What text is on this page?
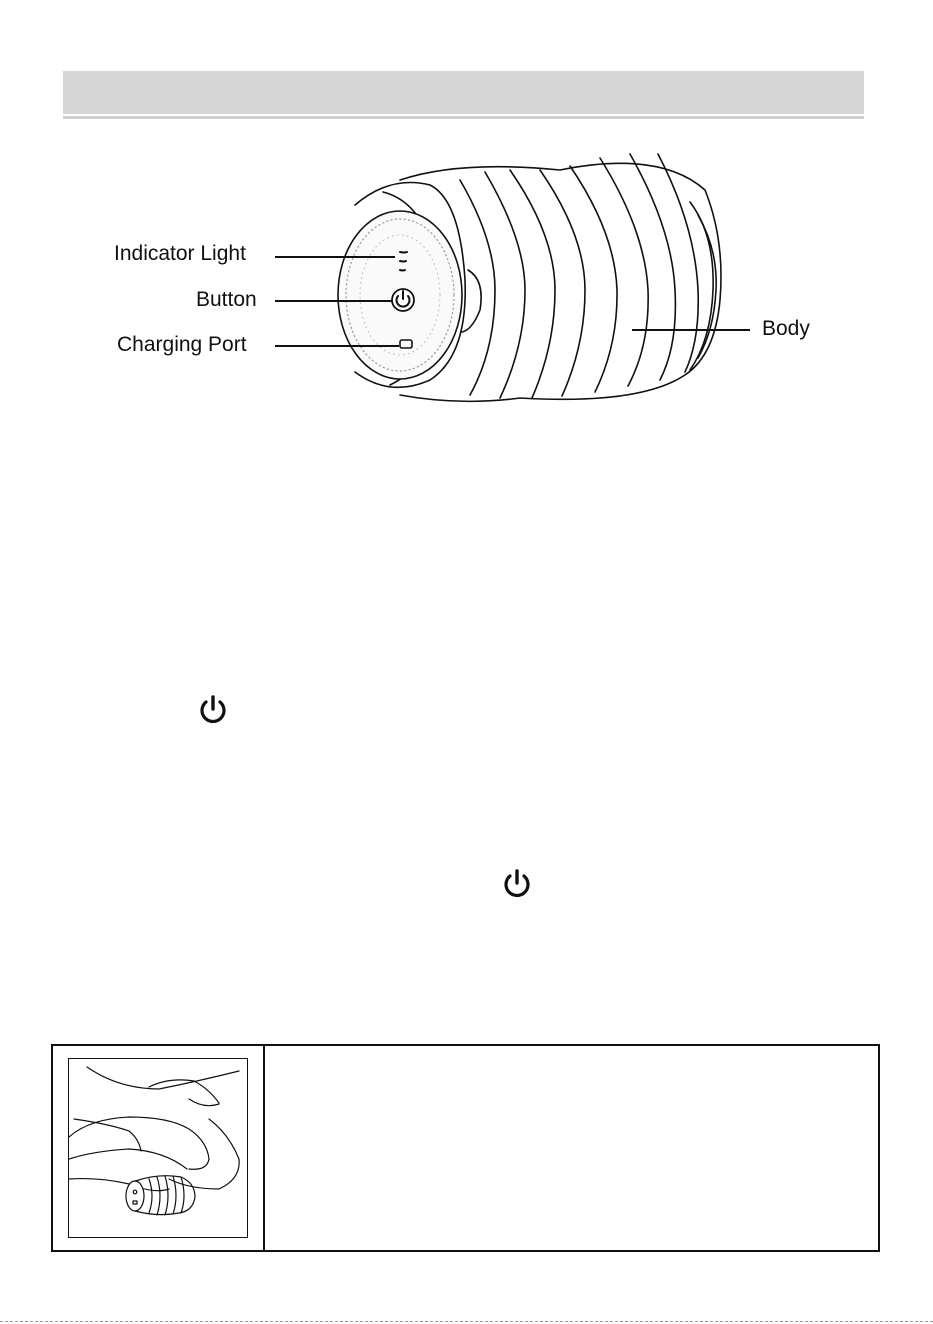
Indicator Light
Button
Charging Port
Body
